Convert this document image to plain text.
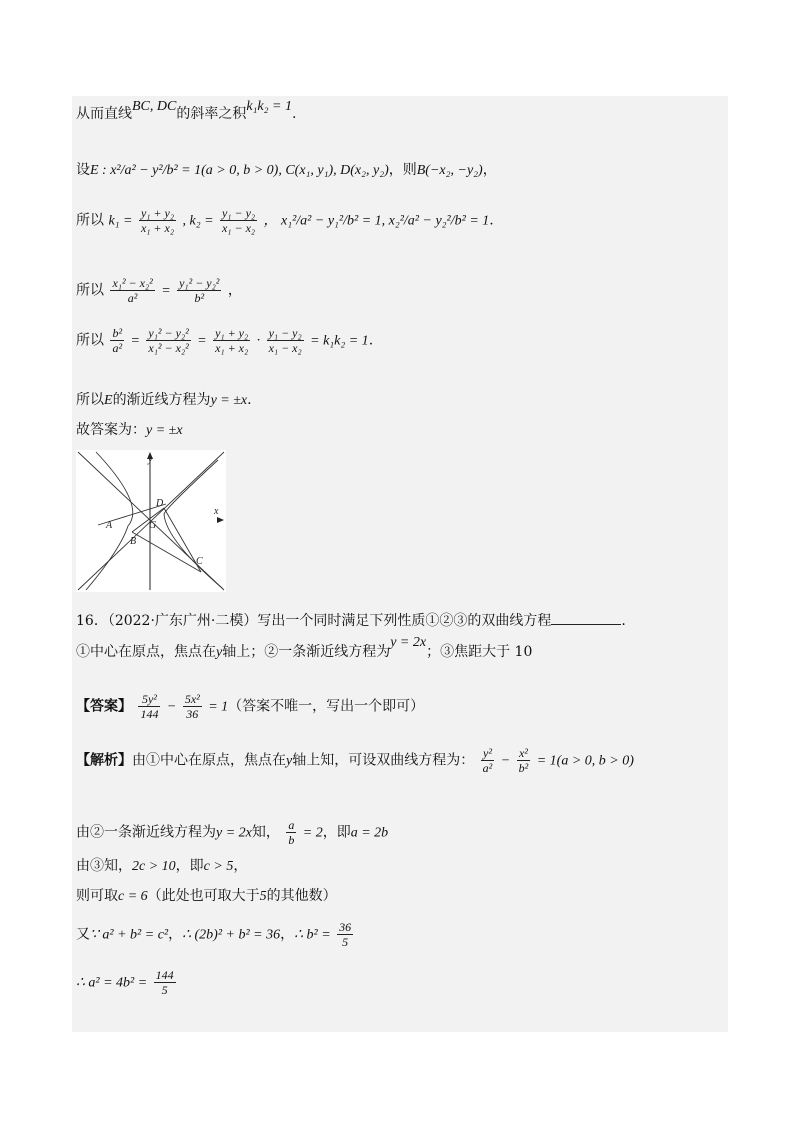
从而直线BC, DC的斜率之积k₁k₂ = 1.
设E : x²/a² − y²/b² = 1(a > 0, b > 0), C(x₁, y₁), D(x₂, y₂)，则B(−x₂, −y₂)，
所以 $k_1 = \frac{\text{y₁ + y₂}}{\text{x₁ + x₂}}$ , $k_2 = \frac{\text{y₁ − y₂}}{\text{x₁ − x₂}}$ ， x₁²/a² − y₁²/b² = 1, x₂²/a² − y₂²/b² = 1.
所以 $\frac{\text{x₁² − x₂²}}{\text{a²}} = \frac{\text{y₁² − y₂²}}{\text{b²}}$ ，
所以 $\frac{\text{b²}}{\text{a²}} = \frac{\text{y₁² − y₂²}}{\text{x₁² − x₂²}} = \frac{\text{y₁ + y₂}}{\text{x₁ + x₂}} \cdot \frac{\text{y₁ − y₂}}{\text{x₁ − x₂}} = k_1k_2 = 1$.
所以E的渐近线方程为y = ±x.
故答案为：y = ±x
y
x
A
B
D
G
C
16．（2022·广东广州·二模）写出一个同时满足下列性质①②③的双曲线方程	.
①中心在原点，焦点在y轴上；②一条渐近线方程为y = 2x；③焦距大于 10
【答案】 $\frac{\text{5y²}}{144} - \frac{\text{5x²}}{36} = 1$（答案不唯一，写出一个即可）
【解析】由①中心在原点，焦点在y轴上知，可设双曲线方程为： $\frac{\text{y²}}{\text{a²}} - \frac{\text{x²}}{\text{b²}} = 1(a > 0$, b > 0)
由②一条渐近线方程为y = 2x知， $\frac{a}{b} = 2$，即a = 2b
由③知，2c > 10，即c > 5，
则可取c = 6（此处也可取大于5的其他数）
又∵ a² + b² = c²，∴ (2b)² + b² = 36，∴ $b^2 = \frac{36}{5}$
∴ $a^2 = 4b^2 = \frac{144}{5}$
